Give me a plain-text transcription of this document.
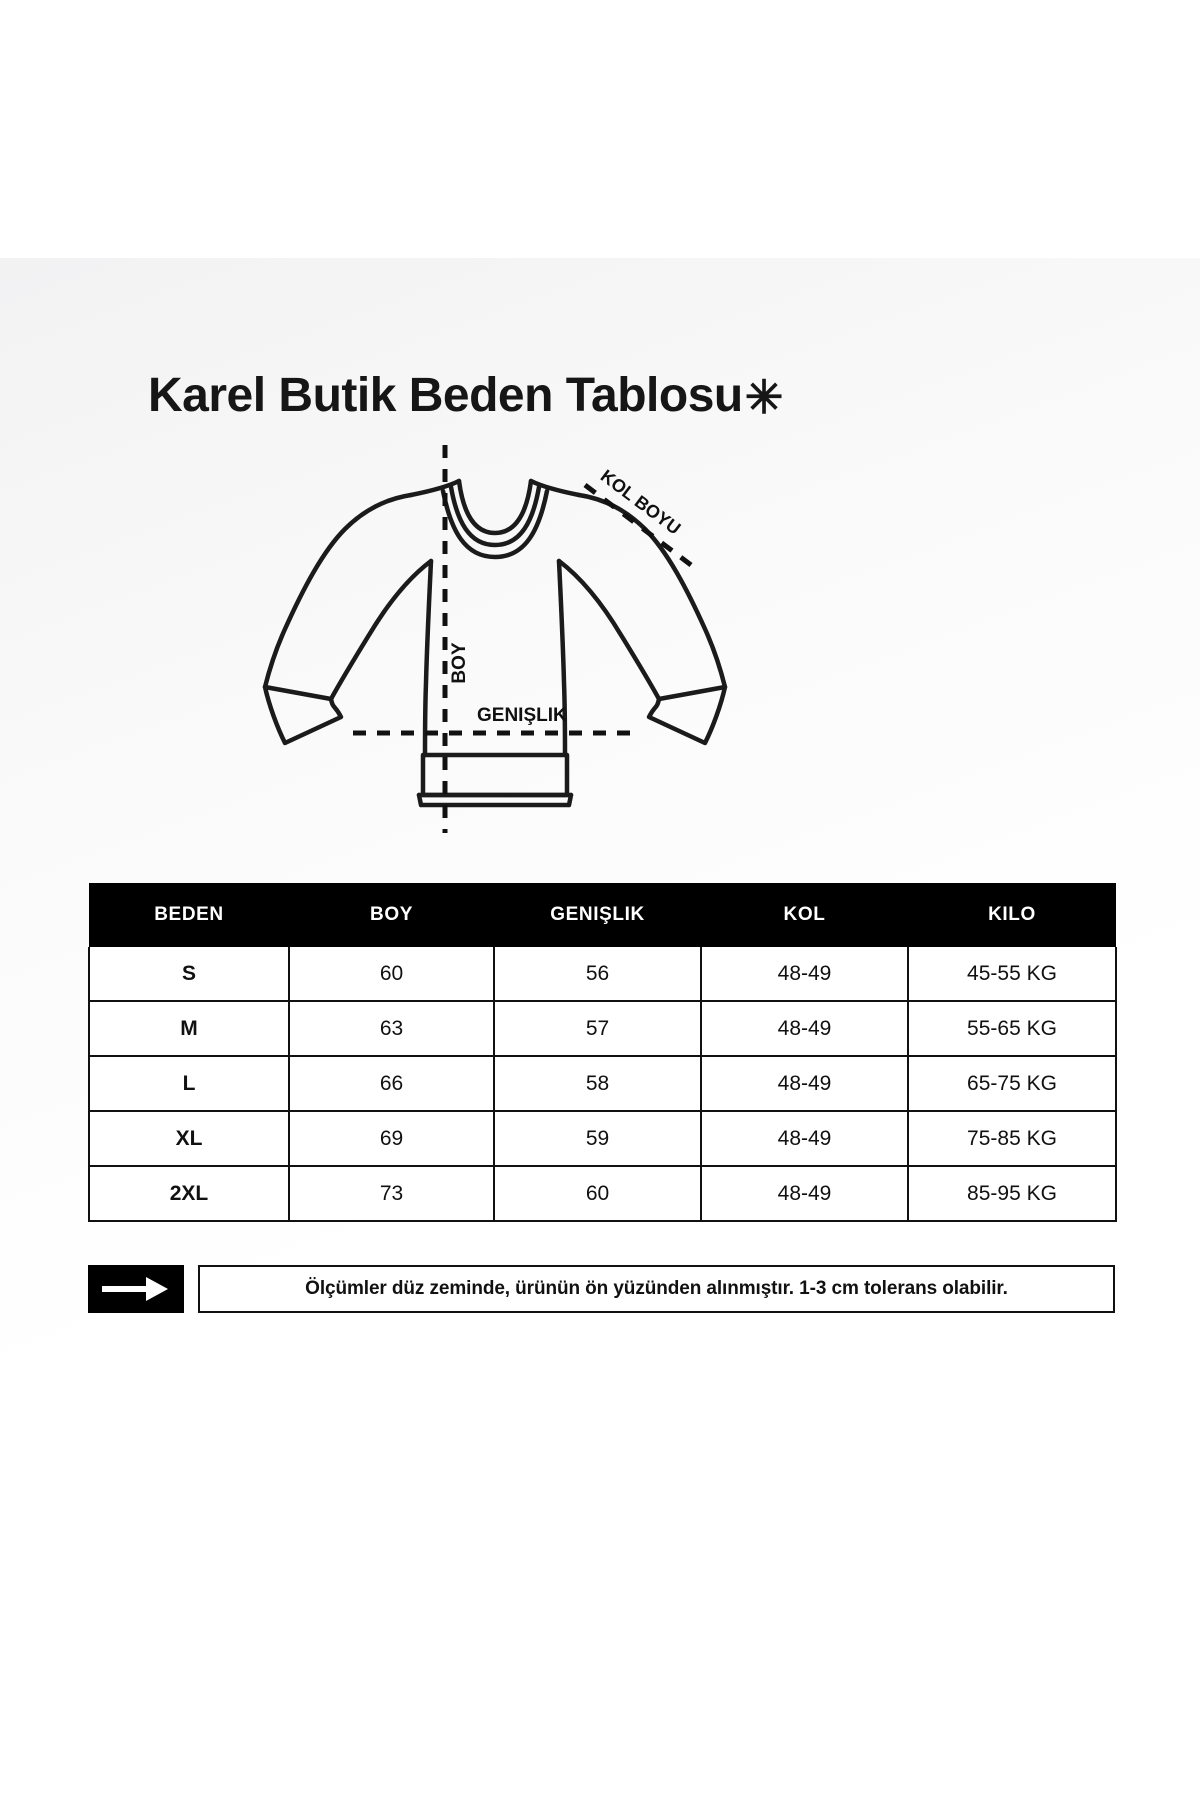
Karel Butik Beden Tablosu✳
BOY
GENIŞLIK
KOL BOYU
BEDEN	BOY	GENIŞLIK	KOL	KILO
S	60	56	48-49	45-55 KG
M	63	57	48-49	55-65 KG
L	66	58	48-49	65-75 KG
XL	69	59	48-49	75-85 KG
2XL	73	60	48-49	85-95 KG
Ölçümler düz zeminde, ürünün ön yüzünden alınmıştır. 1-3 cm tolerans olabilir.
